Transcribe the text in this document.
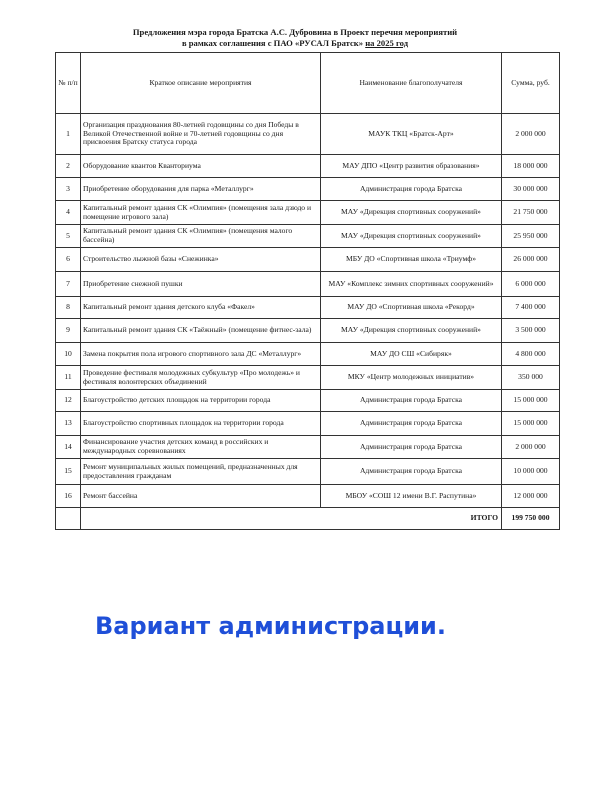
Предложения мэра города Братска А.С. Дубровина в Проект перечня мероприятий
в рамках соглашения с ПАО «РУСАЛ Братск» на 2025 год
№ п/п	Краткое описание мероприятия	Наименование благополучателя	Сумма, руб.
1	Организация празднования 80-летней годовщины со дня Победы в Великой Отечественной войне и 70-летней годовщины со дня присвоения Братску статуса города	МАУК ТКЦ «Братск-Арт»	2 000 000
2	Оборудование квантов Кванториума	МАУ ДПО «Центр развития образования»	18 000 000
3	Приобретение оборудования для парка «Металлург»	Администрация города Братска	30 000 000
4	Капитальный ремонт здания СК «Олимпия» (помещения зала дзюдо и помещение игрового зала)	МАУ «Дирекция спортивных сооружений»	21 750 000
5	Капитальный ремонт здания СК «Олимпия» (помещения малого бассейна)	МАУ «Дирекция спортивных сооружений»	25 950 000
6	Строительство лыжной базы «Снежинка»	МБУ ДО «Спортивная школа «Триумф»	26 000 000
7	Приобретение снежной пушки	МАУ «Комплекс зимних спортивных сооружений»	6 000 000
8	Капитальный ремонт здания детского клуба «Факел»	МАУ ДО «Спортивная школа «Рекорд»	7 400 000
9	Капитальный ремонт здания СК «Таёжный» (помещение фитнес-зала)	МАУ «Дирекция спортивных сооружений»	3 500 000
10	Замена покрытия пола игрового спортивного зала ДС «Металлург»	МАУ ДО СШ «Сибиряк»	4 800 000
11	Проведение фестиваля молодежных субкультур «Про молодежь» и фестиваля волонтерских объединений	МКУ «Центр молодежных инициатив»	350 000
12	Благоустройство детских площадок на территории города	Администрация города Братска	15 000 000
13	Благоустройство спортивных площадок на территории города	Администрация города Братска	15 000 000
14	Финансирование участия детских команд в российских и международных соревнованиях	Администрация города Братска	2 000 000
15	Ремонт муниципальных жилых помещений, предназначенных для предоставления гражданам	Администрация города Братска	10 000 000
16	Ремонт бассейна	МБОУ «СОШ 12 имени В.Г. Распутина»	12 000 000
	ИТОГО		199 750 000
Вариант администрации.
